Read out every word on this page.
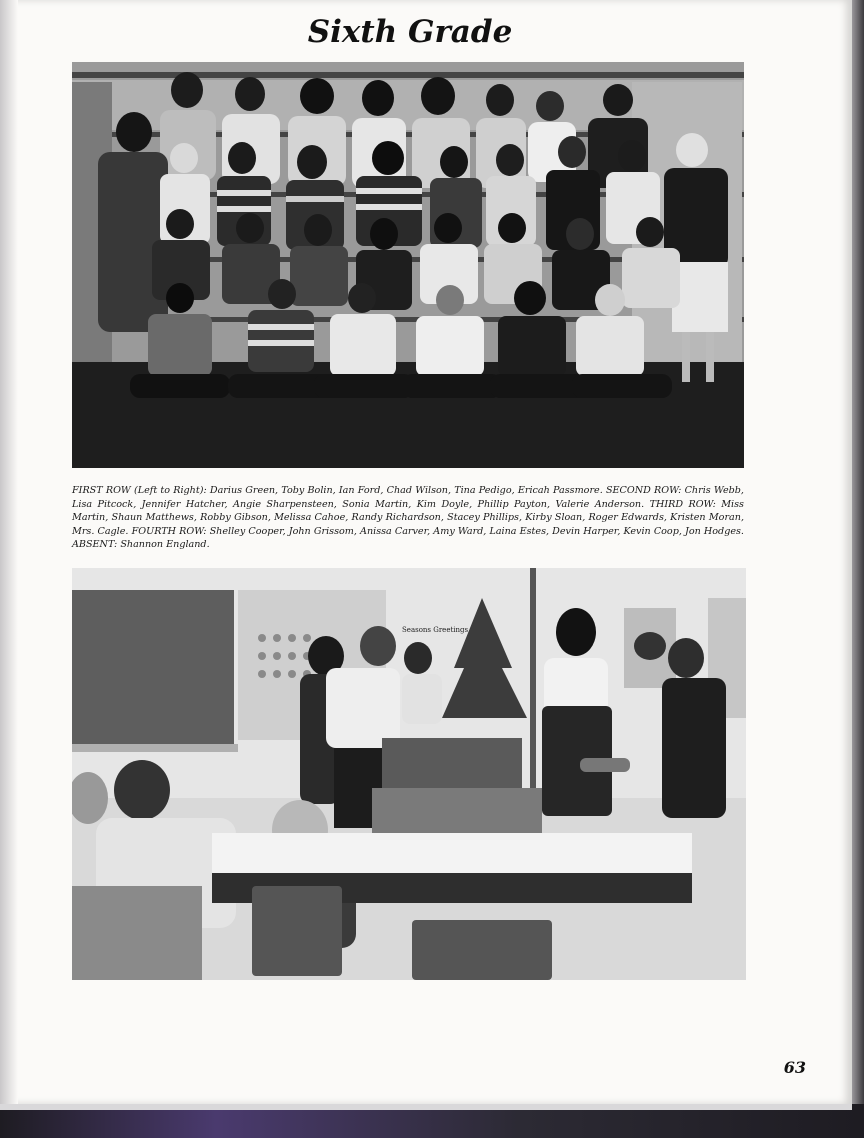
Sixth Grade
FIRST ROW (Left to Right): Darius Green, Toby Bolin, Ian Ford, Chad Wilson, Tina Pedigo, Ericah Passmore. SECOND ROW: Chris Webb, Lisa Pitcock, Jennifer Hatcher, Angie Sharpensteen, Sonia Martin, Kim Doyle, Phillip Payton, Valerie Anderson. THIRD ROW: Miss Martin, Shaun Matthews, Robby Gibson, Melissa Cahoe, Randy Richardson, Stacey Phillips, Kirby Sloan, Roger Edwards, Kristen Moran, Mrs. Cagle. FOURTH ROW: Shelley Cooper, John Grissom, Anissa Carver, Amy Ward, Laina Estes, Devin Harper, Kevin Coop, Jon Hodges. ABSENT: Shannon England.
Seasons Greetings
63
